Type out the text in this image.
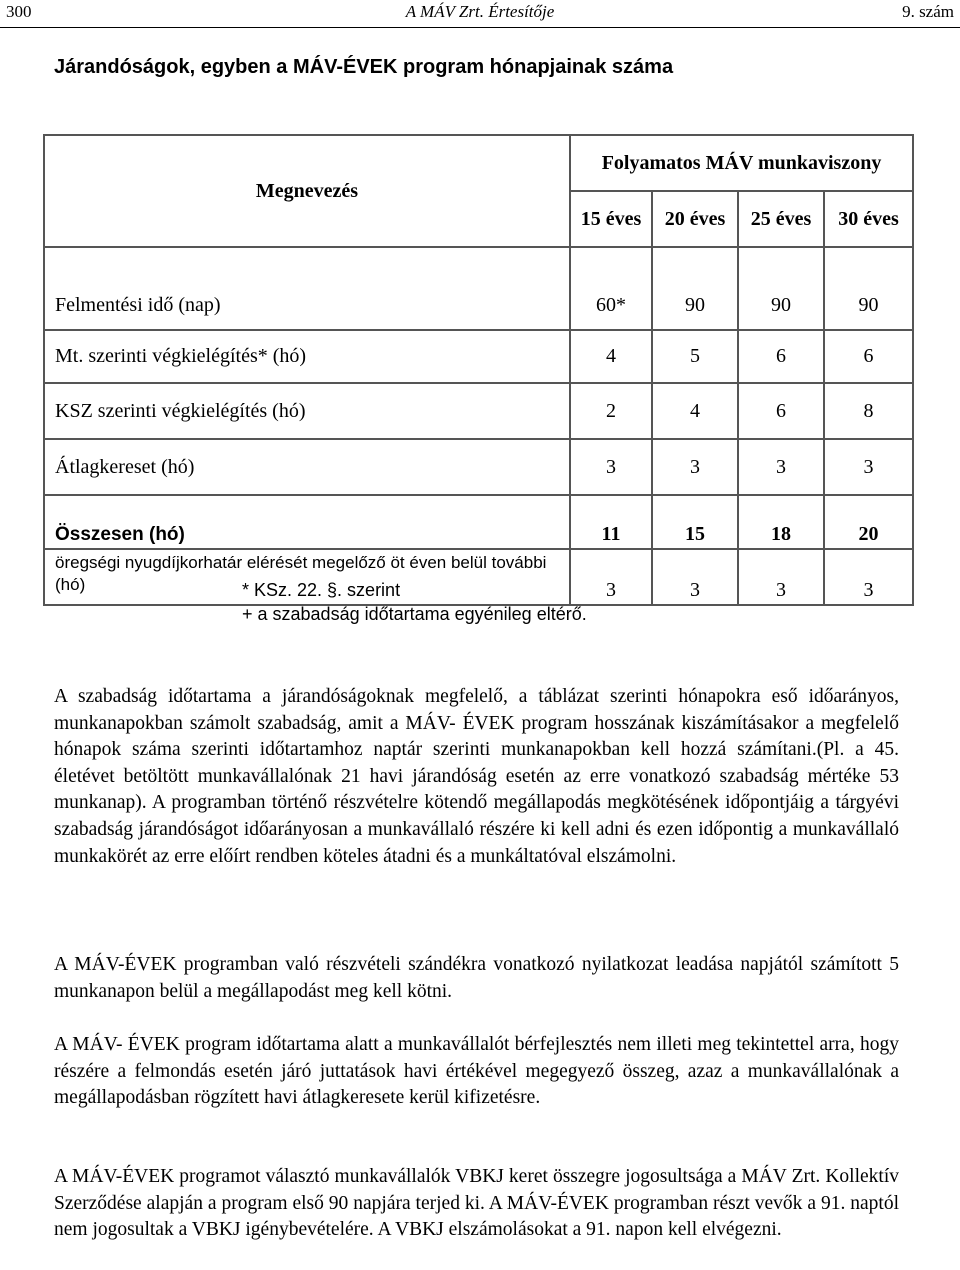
300	A MÁV Zrt. Értesítője	9. szám
Járandóságok, egyben a MÁV-ÉVEK program hónapjainak száma
Megnevezés	Folyamatos MÁV munkaviszony			
	15 éves	20 éves	25 éves	30 éves
Felmentési idő (nap)	60*	90	90	90
Mt. szerinti végkielégítés* (hó)	4	5	6	6
KSZ szerinti végkielégítés (hó)	2	4	6	8
Átlagkereset (hó)	3	3	3	3
Összesen (hó)	11	15	18	20
öregségi nyugdíjkorhatár elérését megelőző öt éven belül további (hó)	3	3	3	3
* KSz. 22. §. szerint
+ a szabadság időtartama egyénileg eltérő.

A szabadság időtartama a járandóságoknak megfelelő, a táblázat szerinti hónapokra eső időarányos, munkanapokban számolt szabadság, amit a MÁV- ÉVEK program hosszának kiszámításakor a megfelelő hónapok száma szerinti időtartamhoz naptár szerinti munkanapokban kell hozzá számítani.(Pl. a 45. életévet betöltött munkavállalónak 21 havi járandóság esetén az erre vonatkozó szabadság mértéke 53 munkanap). A programban történő részvételre kötendő megállapodás megkötésének időpontjáig a tárgyévi szabadság járandóságot időarányosan a munkavállaló részére ki kell adni és ezen időpontig a munkavállaló munkakörét az erre előírt rendben köteles átadni és a munkáltatóval elszámolni.

A MÁV-ÉVEK programban való részvételi szándékra vonatkozó nyilatkozat leadása napjától számított 5 munkanapon belül a megállapodást meg kell kötni.

A MÁV- ÉVEK program időtartama alatt a munkavállalót bérfejlesztés nem illeti meg tekintettel arra, hogy részére a felmondás esetén járó juttatások havi értékével megegyező összeg, azaz a munkavállalónak a megállapodásban rögzített havi átlagkeresete kerül kifizetésre.

A MÁV-ÉVEK programot választó munkavállalók VBKJ keret összegre jogosultsága a MÁV Zrt. Kollektív Szerződése alapján a program első 90 napjára terjed ki. A MÁV-ÉVEK programban részt vevők a 91. naptól nem jogosultak a VBKJ igénybevételére. A VBKJ elszámolásokat a 91. napon kell elvégezni.
